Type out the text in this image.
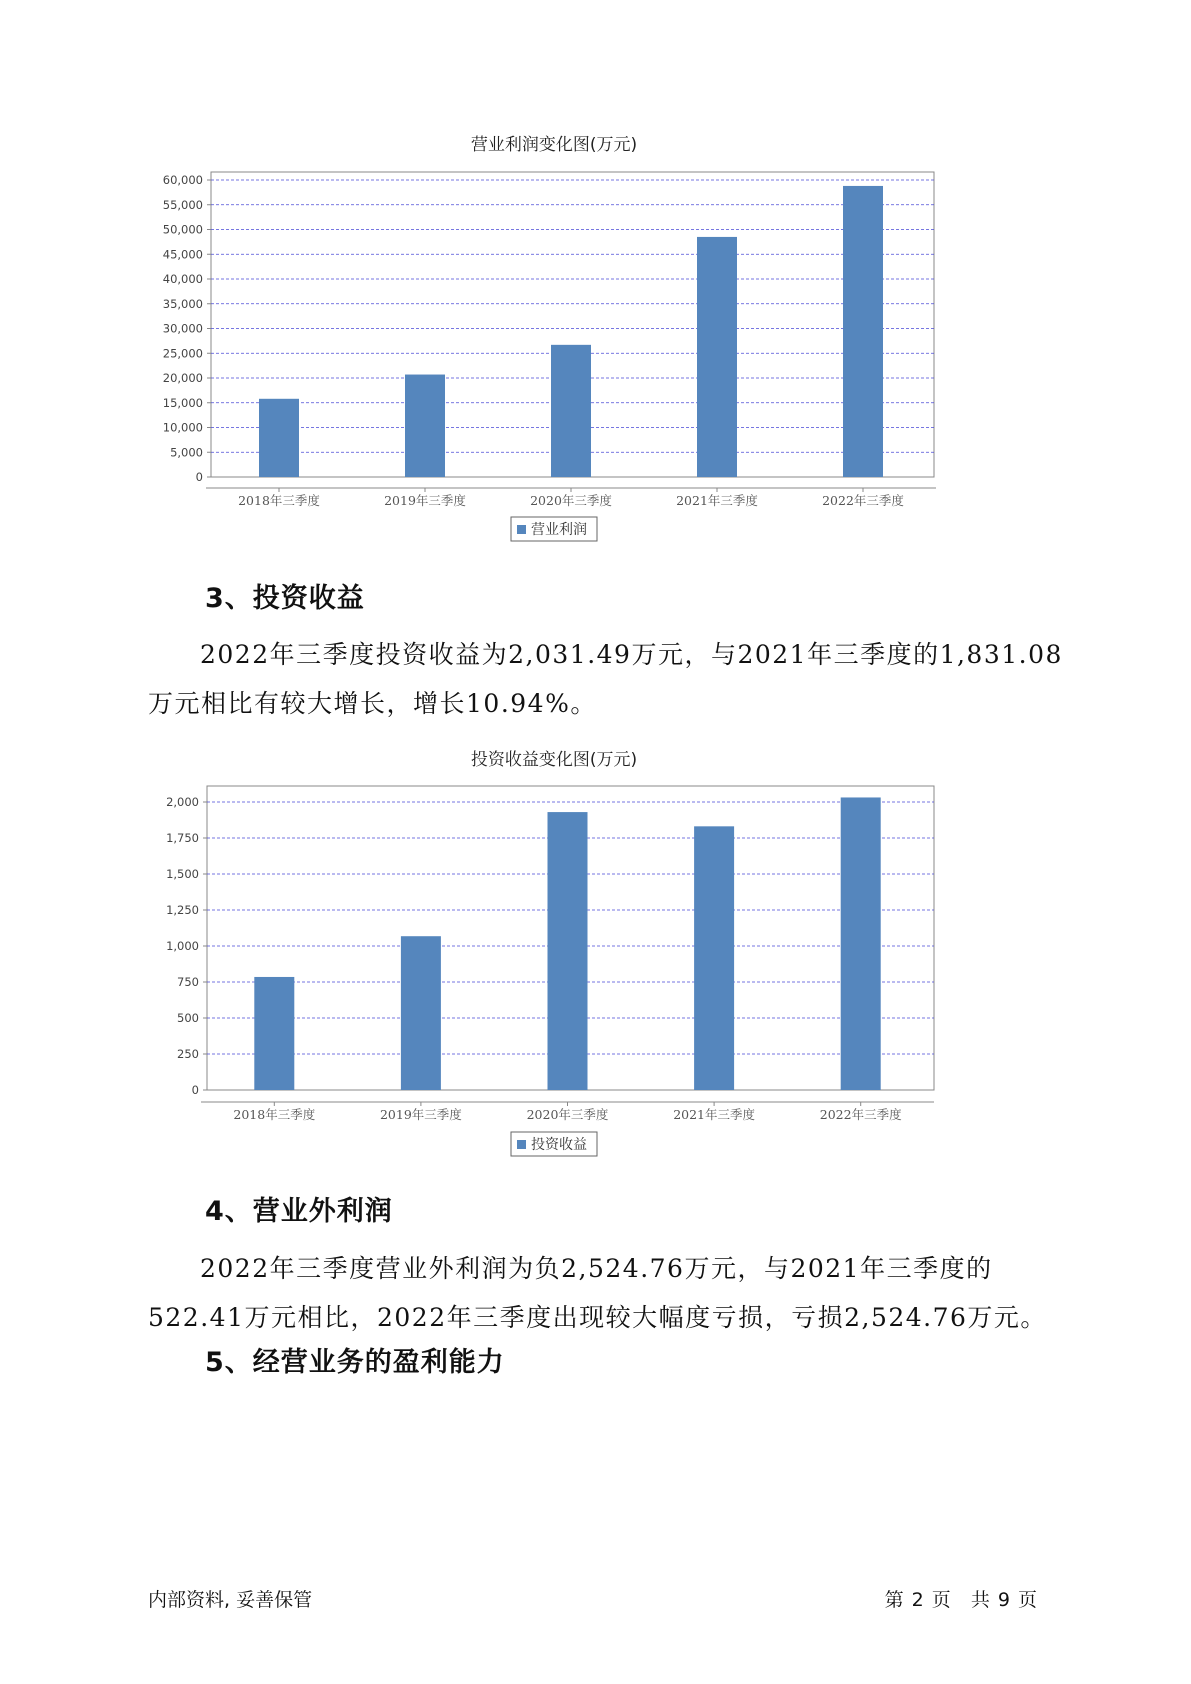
营业利润变化图(万元)
0
5,000
10,000
15,000
20,000
25,000
30,000
35,000
40,000
45,000
50,000
55,000
60,000
2018年三季度	2019年三季度	2020年三季度	2021年三季度	2022年三季度
营业利润
3、投资收益

2022年三季度投资收益为2,031.49万元，与2021年三季度的1,831.08万元相比有较大增长，增长10.94%。

投资收益变化图(万元)
0
250
500
750
1,000
1,250
1,500
1,750
2,000
2018年三季度	2019年三季度	2020年三季度	2021年三季度	2022年三季度
投资收益
4、营业外利润

2022年三季度营业外利润为负2,524.76万元，与2021年三季度的522.41万元相比，2022年三季度出现较大幅度亏损，亏损2,524.76万元。

5、经营业务的盈利能力
内部资料, 妥善保管	第 2 页 共 9 页
